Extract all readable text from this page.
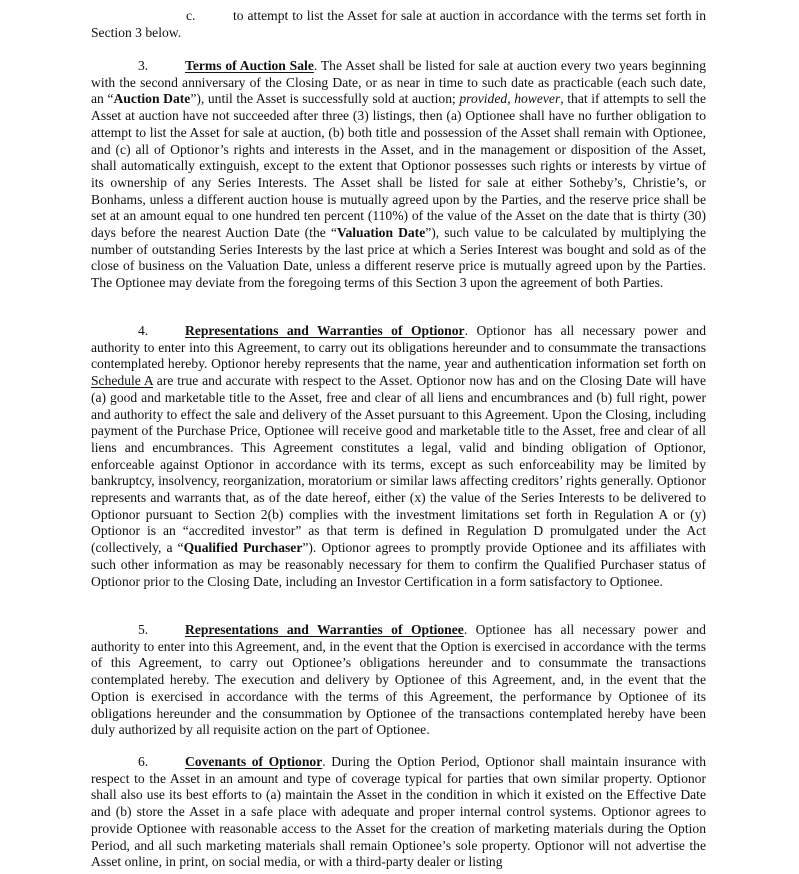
c.	to attempt to list the Asset for sale at auction in accordance with the terms set forth in Section 3 below.
3.	Terms of Auction Sale. The Asset shall be listed for sale at auction every two years beginning with the second anniversary of the Closing Date, or as near in time to such date as practicable (each such date, an “Auction Date”), until the Asset is successfully sold at auction; provided, however, that if attempts to sell the Asset at auction have not succeeded after three (3) listings, then (a) Optionee shall have no further obligation to attempt to list the Asset for sale at auction, (b) both title and possession of the Asset shall remain with Optionee, and (c) all of Optionor’s rights and interests in the Asset, and in the management or disposition of the Asset, shall automatically extinguish, except to the extent that Optionor possesses such rights or interests by virtue of its ownership of any Series Interests. The Asset shall be listed for sale at either Sotheby’s, Christie’s, or Bonhams, unless a different auction house is mutually agreed upon by the Parties, and the reserve price shall be set at an amount equal to one hundred ten percent (110%) of the value of the Asset on the date that is thirty (30) days before the nearest Auction Date (the “Valuation Date”), such value to be calculated by multiplying the number of outstanding Series Interests by the last price at which a Series Interest was bought and sold as of the close of business on the Valuation Date, unless a different reserve price is mutually agreed upon by the Parties. The Optionee may deviate from the foregoing terms of this Section 3 upon the agreement of both Parties.
4.	Representations and Warranties of Optionor. Optionor has all necessary power and authority to enter into this Agreement, to carry out its obligations hereunder and to consummate the transactions contemplated hereby. Optionor hereby represents that the name, year and authentication information set forth on Schedule A are true and accurate with respect to the Asset. Optionor now has and on the Closing Date will have (a) good and marketable title to the Asset, free and clear of all liens and encumbrances and (b) full right, power and authority to effect the sale and delivery of the Asset pursuant to this Agreement. Upon the Closing, including payment of the Purchase Price, Optionee will receive good and marketable title to the Asset, free and clear of all liens and encumbrances. This Agreement constitutes a legal, valid and binding obligation of Optionor, enforceable against Optionor in accordance with its terms, except as such enforceability may be limited by bankruptcy, insolvency, reorganization, moratorium or similar laws affecting creditors’ rights generally. Optionor represents and warrants that, as of the date hereof, either (x) the value of the Series Interests to be delivered to Optionor pursuant to Section 2(b) complies with the investment limitations set forth in Regulation A or (y) Optionor is an “accredited investor” as that term is defined in Regulation D promulgated under the Act (collectively, a “Qualified Purchaser”). Optionor agrees to promptly provide Optionee and its affiliates with such other information as may be reasonably necessary for them to confirm the Qualified Purchaser status of Optionor prior to the Closing Date, including an Investor Certification in a form satisfactory to Optionee.
5.	Representations and Warranties of Optionee. Optionee has all necessary power and authority to enter into this Agreement, and, in the event that the Option is exercised in accordance with the terms of this Agreement, to carry out Optionee’s obligations hereunder and to consummate the transactions contemplated hereby. The execution and delivery by Optionee of this Agreement, and, in the event that the Option is exercised in accordance with the terms of this Agreement, the performance by Optionee of its obligations hereunder and the consummation by Optionee of the transactions contemplated hereby have been duly authorized by all requisite action on the part of Optionee.
6.	Covenants of Optionor. During the Option Period, Optionor shall maintain insurance with respect to the Asset in an amount and type of coverage typical for parties that own similar property. Optionor shall also use its best efforts to (a) maintain the Asset in the condition in which it existed on the Effective Date and (b) store the Asset in a safe place with adequate and proper internal control systems. Optionor agrees to provide Optionee with reasonable access to the Asset for the creation of marketing materials during the Option Period, and all such marketing materials shall remain Optionee’s sole property. Optionor will not advertise the Asset online, in print, on social media, or with a third-party dealer or listing
